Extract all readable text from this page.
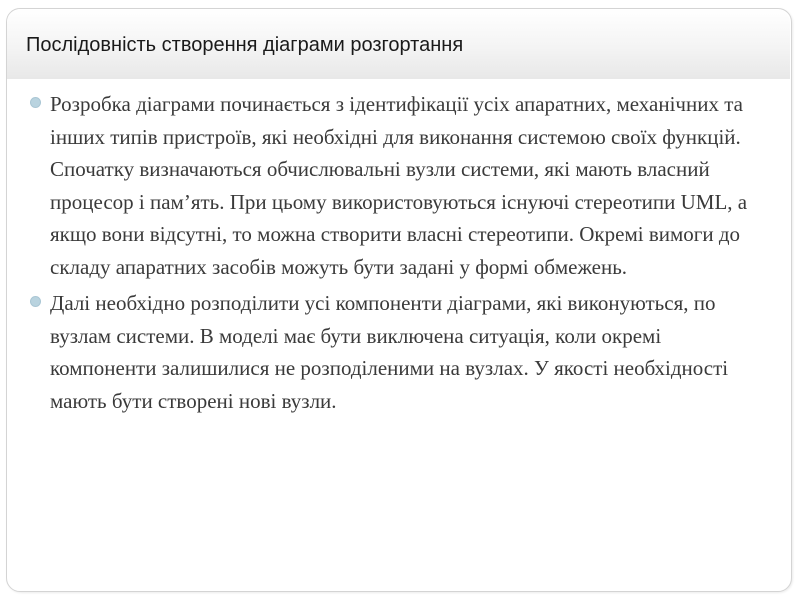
Послідовність створення діаграми розгортання
Розробка діаграми починається з ідентифікації усіх апаратних, механічних та інших типів пристроїв, які необхідні для виконання системою своїх функцій. Спочатку визначаються обчислювальні вузли системи, які мають власний процесор і пам’ять. При цьому використовуються існуючі стереотипи UML, а якщо вони відсутні, то можна створити власні стереотипи. Окремі вимоги до складу апаратних засобів можуть бути задані у формі обмежень.
Далі необхідно розподілити усі компоненти діаграми, які виконуються, по вузлам системи. В моделі має бути виключена ситуація, коли окремі компоненти залишилися не розподіленими на вузлах. У якості необхідності мають бути створені нові вузли.
